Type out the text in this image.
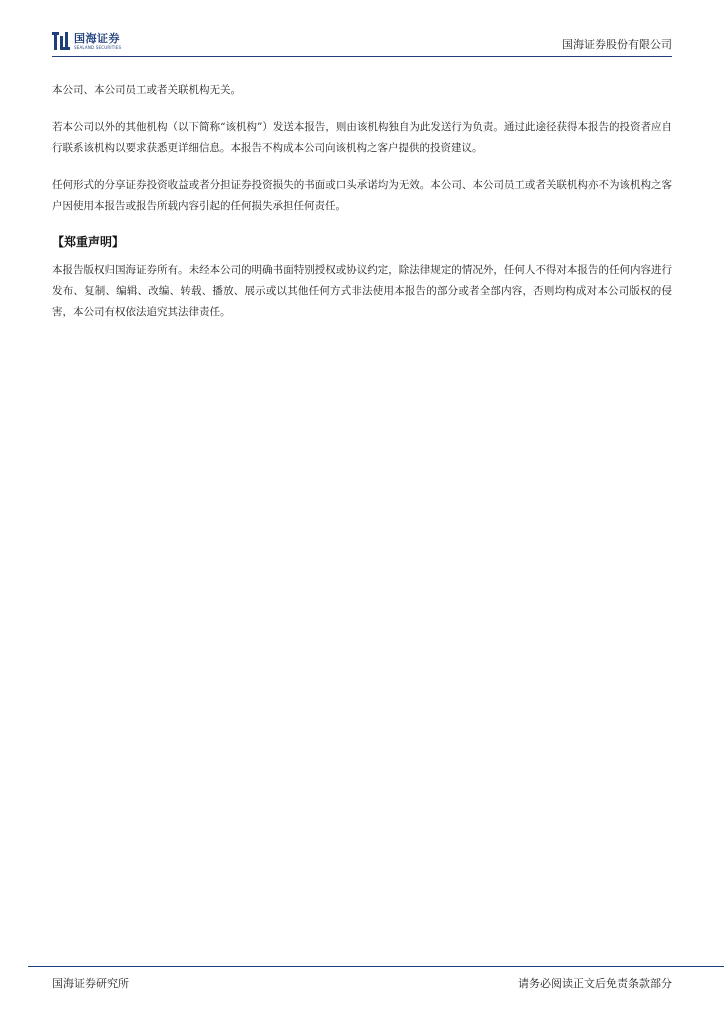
国海证券
SEALAND SECURITIES	国海证券股份有限公司

本公司、本公司员工或者关联机构无关。

若本公司以外的其他机构（以下简称“该机构”）发送本报告，则由该机构独自为此发送行为负责。通过此途径获得本报告的投资者应自行联系该机构以要求获悉更详细信息。本报告不构成本公司向该机构之客户提供的投资建议。

任何形式的分享证券投资收益或者分担证券投资损失的书面或口头承诺均为无效。本公司、本公司员工或者关联机构亦不为该机构之客户因使用本报告或报告所载内容引起的任何损失承担任何责任。

【郑重声明】

本报告版权归国海证券所有。未经本公司的明确书面特别授权或协议约定，除法律规定的情况外，任何人不得对本报告的任何内容进行发布、复制、编辑、改编、转载、播放、展示或以其他任何方式非法使用本报告的部分或者全部内容，否则均构成对本公司版权的侵害，本公司有权依法追究其法律责任。

国海证券研究所	请务必阅读正文后免责条款部分
